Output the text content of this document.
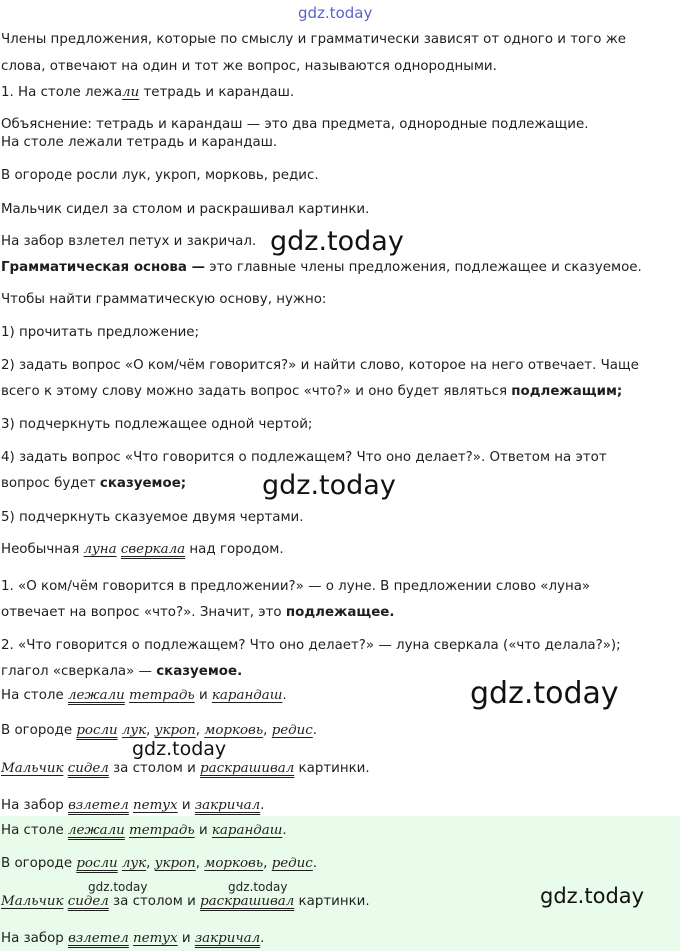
gdz.today
Члены предложения, которые по смыслу и грамматически зависят от одного и того же
слова, отвечают на один и тот же вопрос, называются однородными.
1. На столе лежали тетрадь и карандаш.
Объяснение: тетрадь и карандаш — это два предмета, однородные подлежащие.
На столе лежали тетрадь и карандаш.
В огороде росли лук, укроп, морковь, редис.
Мальчик сидел за столом и раскрашивал картинки.
На забор взлетел петух и закричал. gdz.today
Грамматическая основа — это главные члены предложения, подлежащее и сказуемое.
Чтобы найти грамматическую основу, нужно:
1) прочитать предложение;
2) задать вопрос «О ком/чём говорится?» и найти слово, которое на него отвечает. Чаще
всего к этому слову можно задать вопрос «что?» и оно будет являться подлежащим;
3) подчеркнуть подлежащее одной чертой;
4) задать вопрос «Что говорится о подлежащем? Что оно делает?». Ответом на этот
вопрос будет сказуемое;	gdz.today
5) подчеркнуть сказуемое двумя чертами.
Необычная луна сверкала над городом.
1. «О ком/чём говорится в предложении?» — о луне. В предложении слово «луна»
отвечает на вопрос «что?». Значит, это подлежащее.
2. «Что говорится о подлежащем? Что оно делает?» — луна сверкала («что делала?»);
глагол «сверкала» — сказуемое.
На столе лежали тетрадь и карандаш.	gdz.today
В огороде росли лук, укроп, морковь, редис.
gdz.today
Мальчик сидел за столом и раскрашивал картинки.
На забор взлетел петух и закричал.
На столе лежали тетрадь и карандаш.
В огороде росли лук, укроп, морковь, редис.
gdz.today	gdz.today	gdz.today
Мальчик сидел за столом и раскрашивал картинки.
На забор взлетел петух и закричал.
